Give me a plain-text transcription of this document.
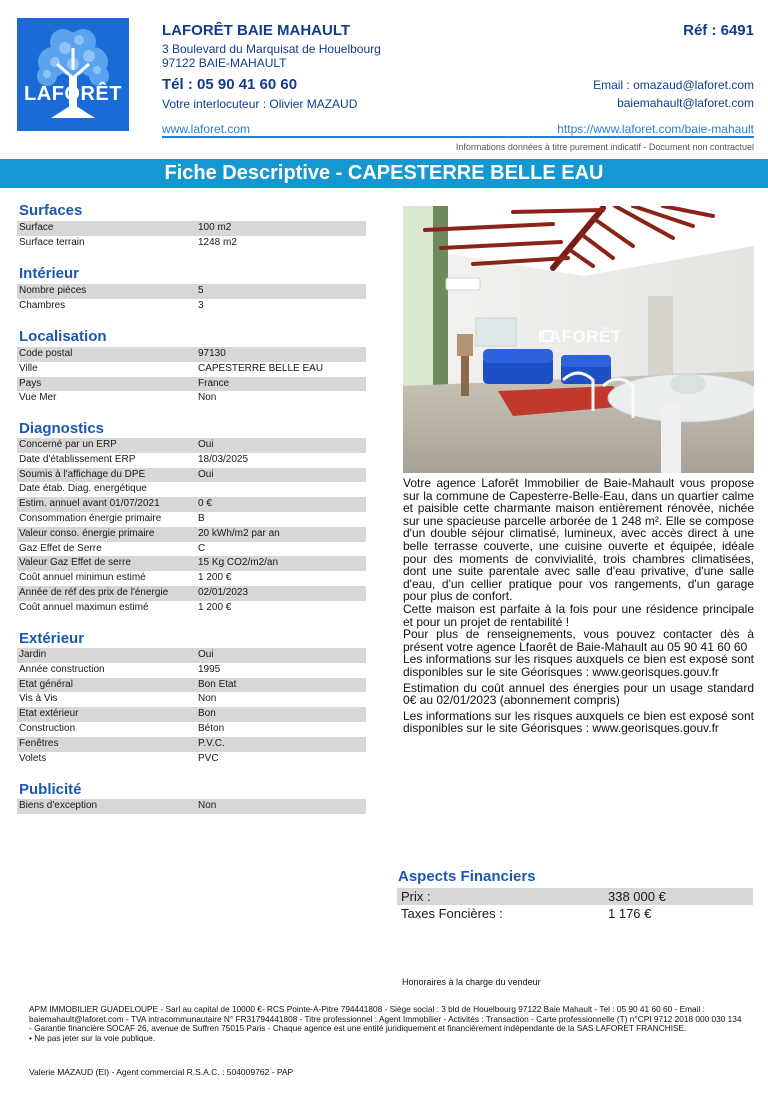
LAFORÊT
LAFORÊT BAIE MAHAULT	Réf : 6491
3 Boulevard du Marquisat de Houelbourg
97122 BAIE-MAHAULT
Tél : 05 90 41 60 60
Votre interlocuteur : Olivier MAZAUD
Email : omazaud@laforet.com
baiemahault@laforet.com
www.laforet.com	https://www.laforet.com/baie-mahault
Informations données à titre purement indicatif - Document non contractuel
Fiche Descriptive - CAPESTERRE BELLE EAU
Surfaces
Surface	100 m2
Surface terrain	1248 m2
Intérieur
Nombre pièces	5
Chambres	3
Localisation
Code postal	97130
Ville	CAPESTERRE BELLE EAU
Pays	France
Vue Mer	Non
Diagnostics
Concerné par un ERP	Oui
Date d'établissement ERP	18/03/2025
Soumis à l'affichage du DPE	Oui
Date étab. Diag. energétique
Estim. annuel avant 01/07/2021	0 €
Consommation énergie primaire	B
Valeur conso. énergie primaire	20 kWh/m2 par an
Gaz Effet de Serre	C
Valeur Gaz Effet de serre	15 Kg CO2/m2/an
Coût annuel minimun estimé	1 200 €
Année de réf des prix de l'énergie	02/01/2023
Coût annuel maximun estimé	1 200 €
Extérieur
Jardin	Oui
Année construction	1995
Etat général	Bon Etat
Vis à Vis	Non
Etat extérieur	Bon
Construction	Béton
Fenêtres	P.V.C.
Volets	PVC
Publicité
Biens d'exception	Non
LAFORÊT

Votre agence Laforêt Immobilier de Baie-Mahault vous propose sur la commune de Capesterre-Belle-Eau, dans un quartier calme et paisible cette charmante maison entièrement rénovée, nichée sur une spacieuse parcelle arborée de 1 248 m². Elle se compose d'un double séjour climatisé, lumineux, avec accès direct à une belle terrasse couverte, une cuisine ouverte et équipée, idéale pour des moments de convivialité, trois chambres climatisées, dont une suite parentale avec salle d'eau privative, d'une salle d'eau, d'un cellier pratique pour vos rangements, d'un garage pour plus de confort.

Cette maison est parfaite à la fois pour une résidence principale et pour un projet de rentabilité !

Pour plus de renseignements, vous pouvez contacter dès à présent votre agence Lfaorêt de Baie-Mahault au 05 90 41 60 60

Les informations sur les risques auxquels ce bien est exposé sont disponibles sur le site Géorisques : www.georisques.gouv.fr

Estimation du coût annuel des énergies pour un usage standard 0€ au 02/01/2023 (abonnement compris)

Les informations sur les risques auxquels ce bien est exposé sont disponibles sur le site Géorisques : www.georisques.gouv.fr

Aspects Financiers
Prix :	338 000 €
Taxes Foncières :	1 176 €
Honoraires à la charge du vendeur
APM IMMOBILIER GUADELOUPE - Sarl au capital de 10000 €- RCS Pointe-A-Pitre 794441808 - Siège social : 3 bld de Houelbourg 97122 Baie Mahault - Tel : 05 90 41 60 60 - Email : baiemahault@laforet.com - TVA intracommunautaire N° FR31794441808 - Titre professionnel : Agent Immobilier - Activités : Transaction - Carte professionnelle (T) n°CPI 9712 2018 000 030 134 - Garantie financière SOCAF 26, avenue de Suffren 75015 Paris - Chaque agence est une entité juridiquement et financièrement indépendante de la SAS LAFORET FRANCHISE.
• Ne pas jeter sur la voie publique.
Valerie MAZAUD (EI) - Agent commercial R.S.A.C. : 504009762 - PAP
